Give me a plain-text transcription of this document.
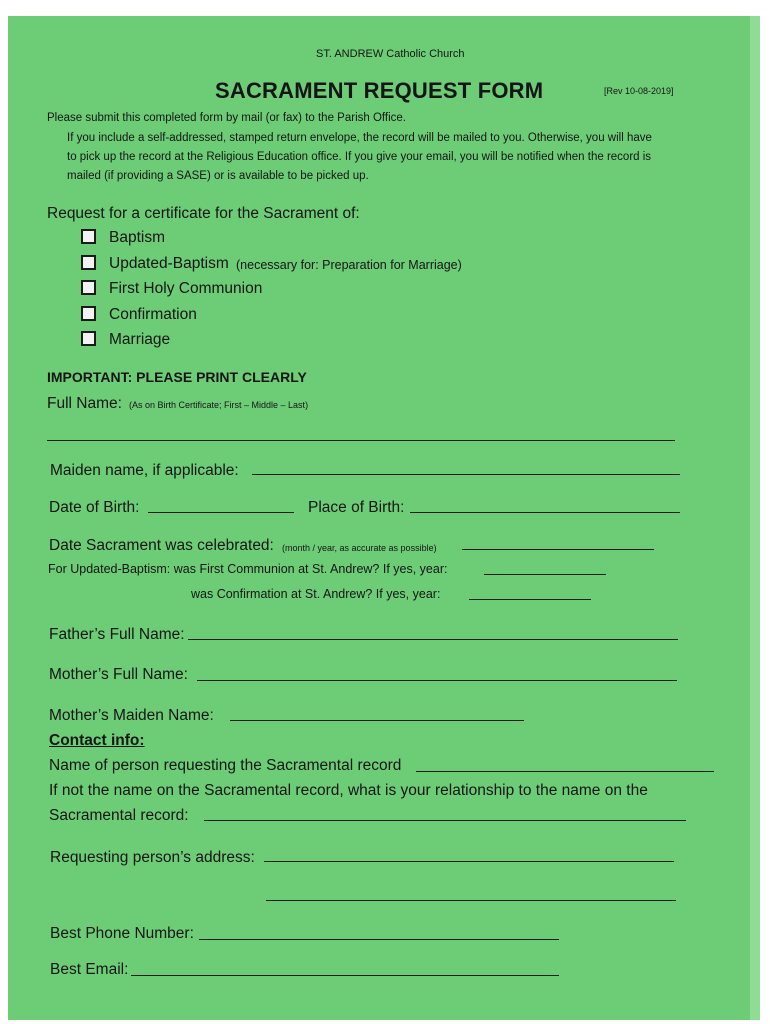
ST. ANDREW Catholic Church
SACRAMENT REQUEST FORM	[Rev 10-08-2019]
Please submit this completed form by mail (or fax) to the Parish Office.
If you include a self-addressed, stamped return envelope, the record will be mailed to you. Otherwise, you will have
to pick up the record at the Religious Education office. If you give your email, you will be notified when the record is
mailed (if providing a SASE) or is available to be picked up.
Request for a certificate for the Sacrament of:
Baptism
Updated-Baptism (necessary for: Preparation for Marriage)
First Holy Communion
Confirmation
Marriage
IMPORTANT: PLEASE PRINT CLEARLY
Full Name: (As on Birth Certificate; First – Middle – Last)
Maiden name, if applicable:
Date of Birth:	Place of Birth:
Date Sacrament was celebrated: (month / year, as accurate as possible)
For Updated-Baptism: was First Communion at St. Andrew? If yes, year:
was Confirmation at St. Andrew? If yes, year:
Father’s Full Name:
Mother’s Full Name:
Mother’s Maiden Name:
Contact info:
Name of person requesting the Sacramental record
If not the name on the Sacramental record, what is your relationship to the name on the
Sacramental record:
Requesting person’s address:
Best Phone Number:
Best Email:
